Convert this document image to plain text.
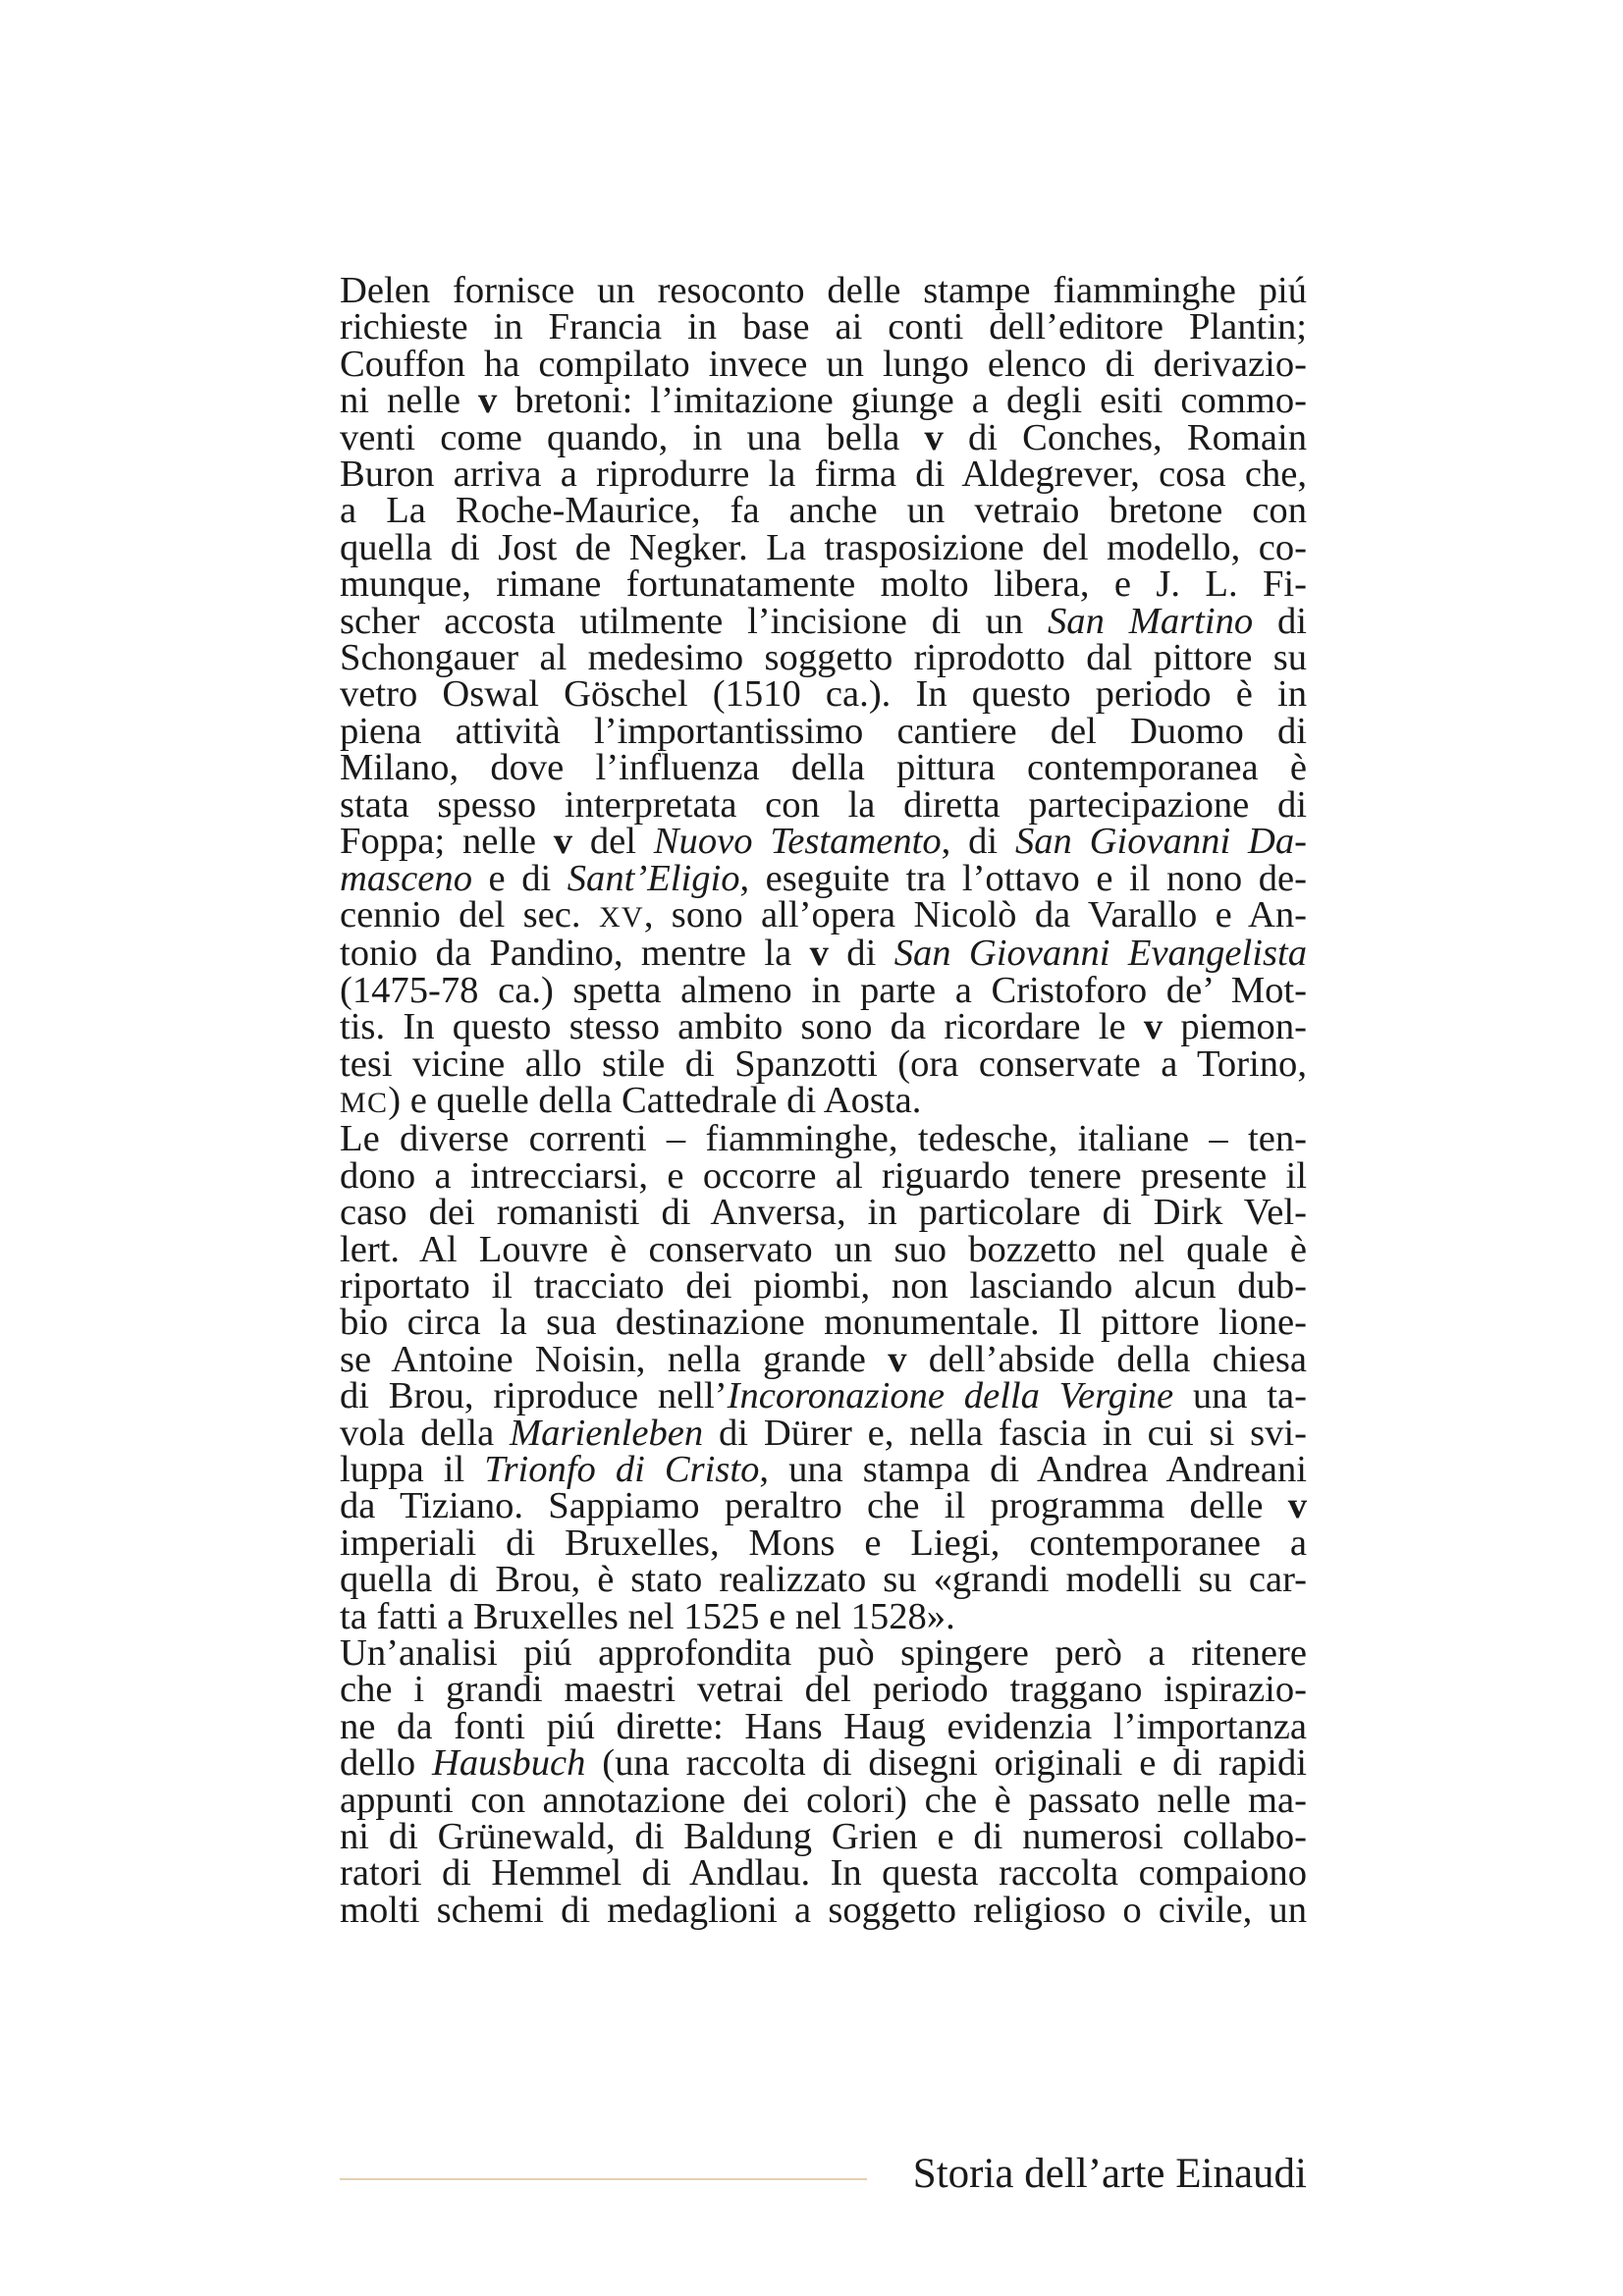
Delen fornisce un resoconto delle stampe fiamminghe piú
richieste in Francia in base ai conti dell’editore Plantin;
Couffon ha compilato invece un lungo elenco di derivazio-
ni nelle v bretoni: l’imitazione giunge a degli esiti commo-
venti come quando, in una bella v di Conches, Romain
Buron arriva a riprodurre la firma di Aldegrever, cosa che,
a La Roche-Maurice, fa anche un vetraio bretone con
quella di Jost de Negker. La trasposizione del modello, co-
munque, rimane fortunatamente molto libera, e J. L. Fi-
scher accosta utilmente l’incisione di un San Martino di
Schongauer al medesimo soggetto riprodotto dal pittore su
vetro Oswal Göschel (1510 ca.). In questo periodo è in
piena attività l’importantissimo cantiere del Duomo di
Milano, dove l’influenza della pittura contemporanea è
stata spesso interpretata con la diretta partecipazione di
Foppa; nelle v del Nuovo Testamento, di San Giovanni Da-
masceno e di Sant’Eligio, eseguite tra l’ottavo e il nono de-
cennio del sec. XV, sono all’opera Nicolò da Varallo e An-
tonio da Pandino, mentre la v di San Giovanni Evangelista
(1475-78 ca.) spetta almeno in parte a Cristoforo de’ Mot-
tis. In questo stesso ambito sono da ricordare le v piemon-
tesi vicine allo stile di Spanzotti (ora conservate a Torino,
MC) e quelle della Cattedrale di Aosta.
Le diverse correnti – fiamminghe, tedesche, italiane – ten-
dono a intrecciarsi, e occorre al riguardo tenere presente il
caso dei romanisti di Anversa, in particolare di Dirk Vel-
lert. Al Louvre è conservato un suo bozzetto nel quale è
riportato il tracciato dei piombi, non lasciando alcun dub-
bio circa la sua destinazione monumentale. Il pittore lione-
se Antoine Noisin, nella grande v dell’abside della chiesa
di Brou, riproduce nell’Incoronazione della Vergine una ta-
vola della Marienleben di Dürer e, nella fascia in cui si svi-
luppa il Trionfo di Cristo, una stampa di Andrea Andreani
da Tiziano. Sappiamo peraltro che il programma delle v
imperiali di Bruxelles, Mons e Liegi, contemporanee a
quella di Brou, è stato realizzato su «grandi modelli su car-
ta fatti a Bruxelles nel 1525 e nel 1528».
Un’analisi piú approfondita può spingere però a ritenere
che i grandi maestri vetrai del periodo traggano ispirazio-
ne da fonti piú dirette: Hans Haug evidenzia l’importanza
dello Hausbuch (una raccolta di disegni originali e di rapidi
appunti con annotazione dei colori) che è passato nelle ma-
ni di Grünewald, di Baldung Grien e di numerosi collabo-
ratori di Hemmel di Andlau. In questa raccolta compaiono
molti schemi di medaglioni a soggetto religioso o civile, un
Storia dell’arte Einaudi
